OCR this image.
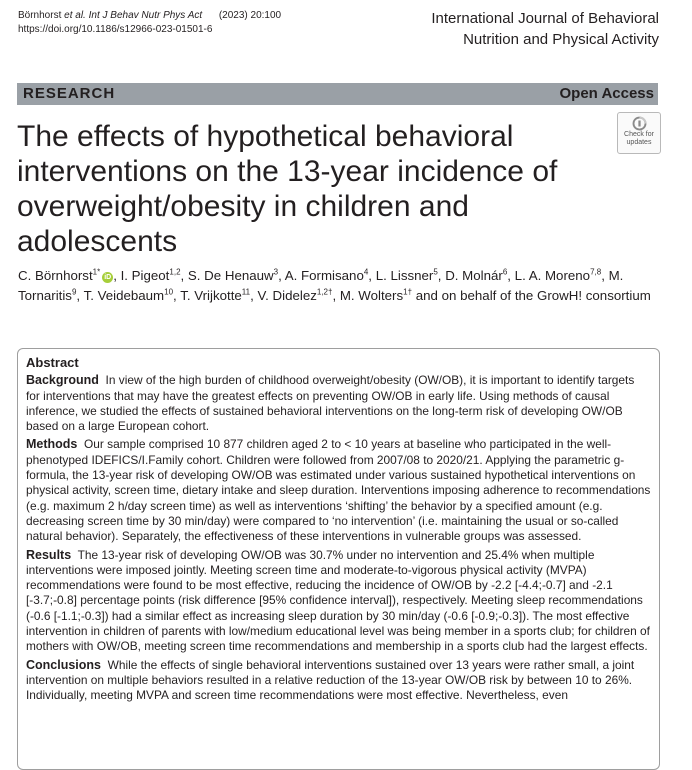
Börnhorst et al. Int J Behav Nutr Phys Act (2023) 20:100
https://doi.org/10.1186/s12966-023-01501-6
International Journal of Behavioral
Nutrition and Physical Activity
RESEARCH	Open Access
Check for
updates
The effects of hypothetical behavioral interventions on the 13-year incidence of overweight/obesity in children and adolescents
C. Börnhorst$^{1*}$iD , I. Pigeot$^{1,2}$, S. De Henauw$^3$, A. Formisano$^4$, L. Lissner$^5$, D. Molnár$^6$, L. A. Moreno$^{7,8}$, M. Tornaritis$^9$, T. Veidebaum$^{10}$, T. Vrijkotte$^{11}$, V. Didelez$^{1,2\dagger}$, M. Wolters$^{1\dagger}$ and on behalf of the GrowH! consortium
Abstract

Background In view of the high burden of childhood overweight/obesity (OW/OB), it is important to identify targets for interventions that may have the greatest effects on preventing OW/OB in early life. Using methods of causal inference, we studied the effects of sustained behavioral interventions on the long-term risk of developing OW/OB based on a large European cohort.

Methods Our sample comprised 10 877 children aged 2 to < 10 years at baseline who participated in the well-phenotyped IDEFICS/I.Family cohort. Children were followed from 2007/08 to 2020/21. Applying the parametric g-formula, the 13-year risk of developing OW/OB was estimated under various sustained hypothetical interventions on physical activity, screen time, dietary intake and sleep duration. Interventions imposing adherence to recommendations (e.g. maximum 2 h/day screen time) as well as interventions ‘shifting’ the behavior by a specified amount (e.g. decreasing screen time by 30 min/day) were compared to ‘no intervention’ (i.e. maintaining the usual or so-called natural behavior). Separately, the effectiveness of these interventions in vulnerable groups was assessed.

Results The 13-year risk of developing OW/OB was 30.7% under no intervention and 25.4% when multiple interventions were imposed jointly. Meeting screen time and moderate-to-vigorous physical activity (MVPA) recommendations were found to be most effective, reducing the incidence of OW/OB by -2.2 [-4.4;-0.7] and -2.1 [-3.7;-0.8] percentage points (risk difference [95% confidence interval]), respectively. Meeting sleep recommendations (-0.6 [-1.1;-0.3]) had a similar effect as increasing sleep duration by 30 min/day (-0.6 [-0.9;-0.3]). The most effective intervention in children of parents with low/medium educational level was being member in a sports club; for children of mothers with OW/OB, meeting screen time recommendations and membership in a sports club had the largest effects.

Conclusions While the effects of single behavioral interventions sustained over 13 years were rather small, a joint intervention on multiple behaviors resulted in a relative reduction of the 13-year OW/OB risk by between 10 to 26%. Individually, meeting MVPA and screen time recommendations were most effective. Nevertheless, even
